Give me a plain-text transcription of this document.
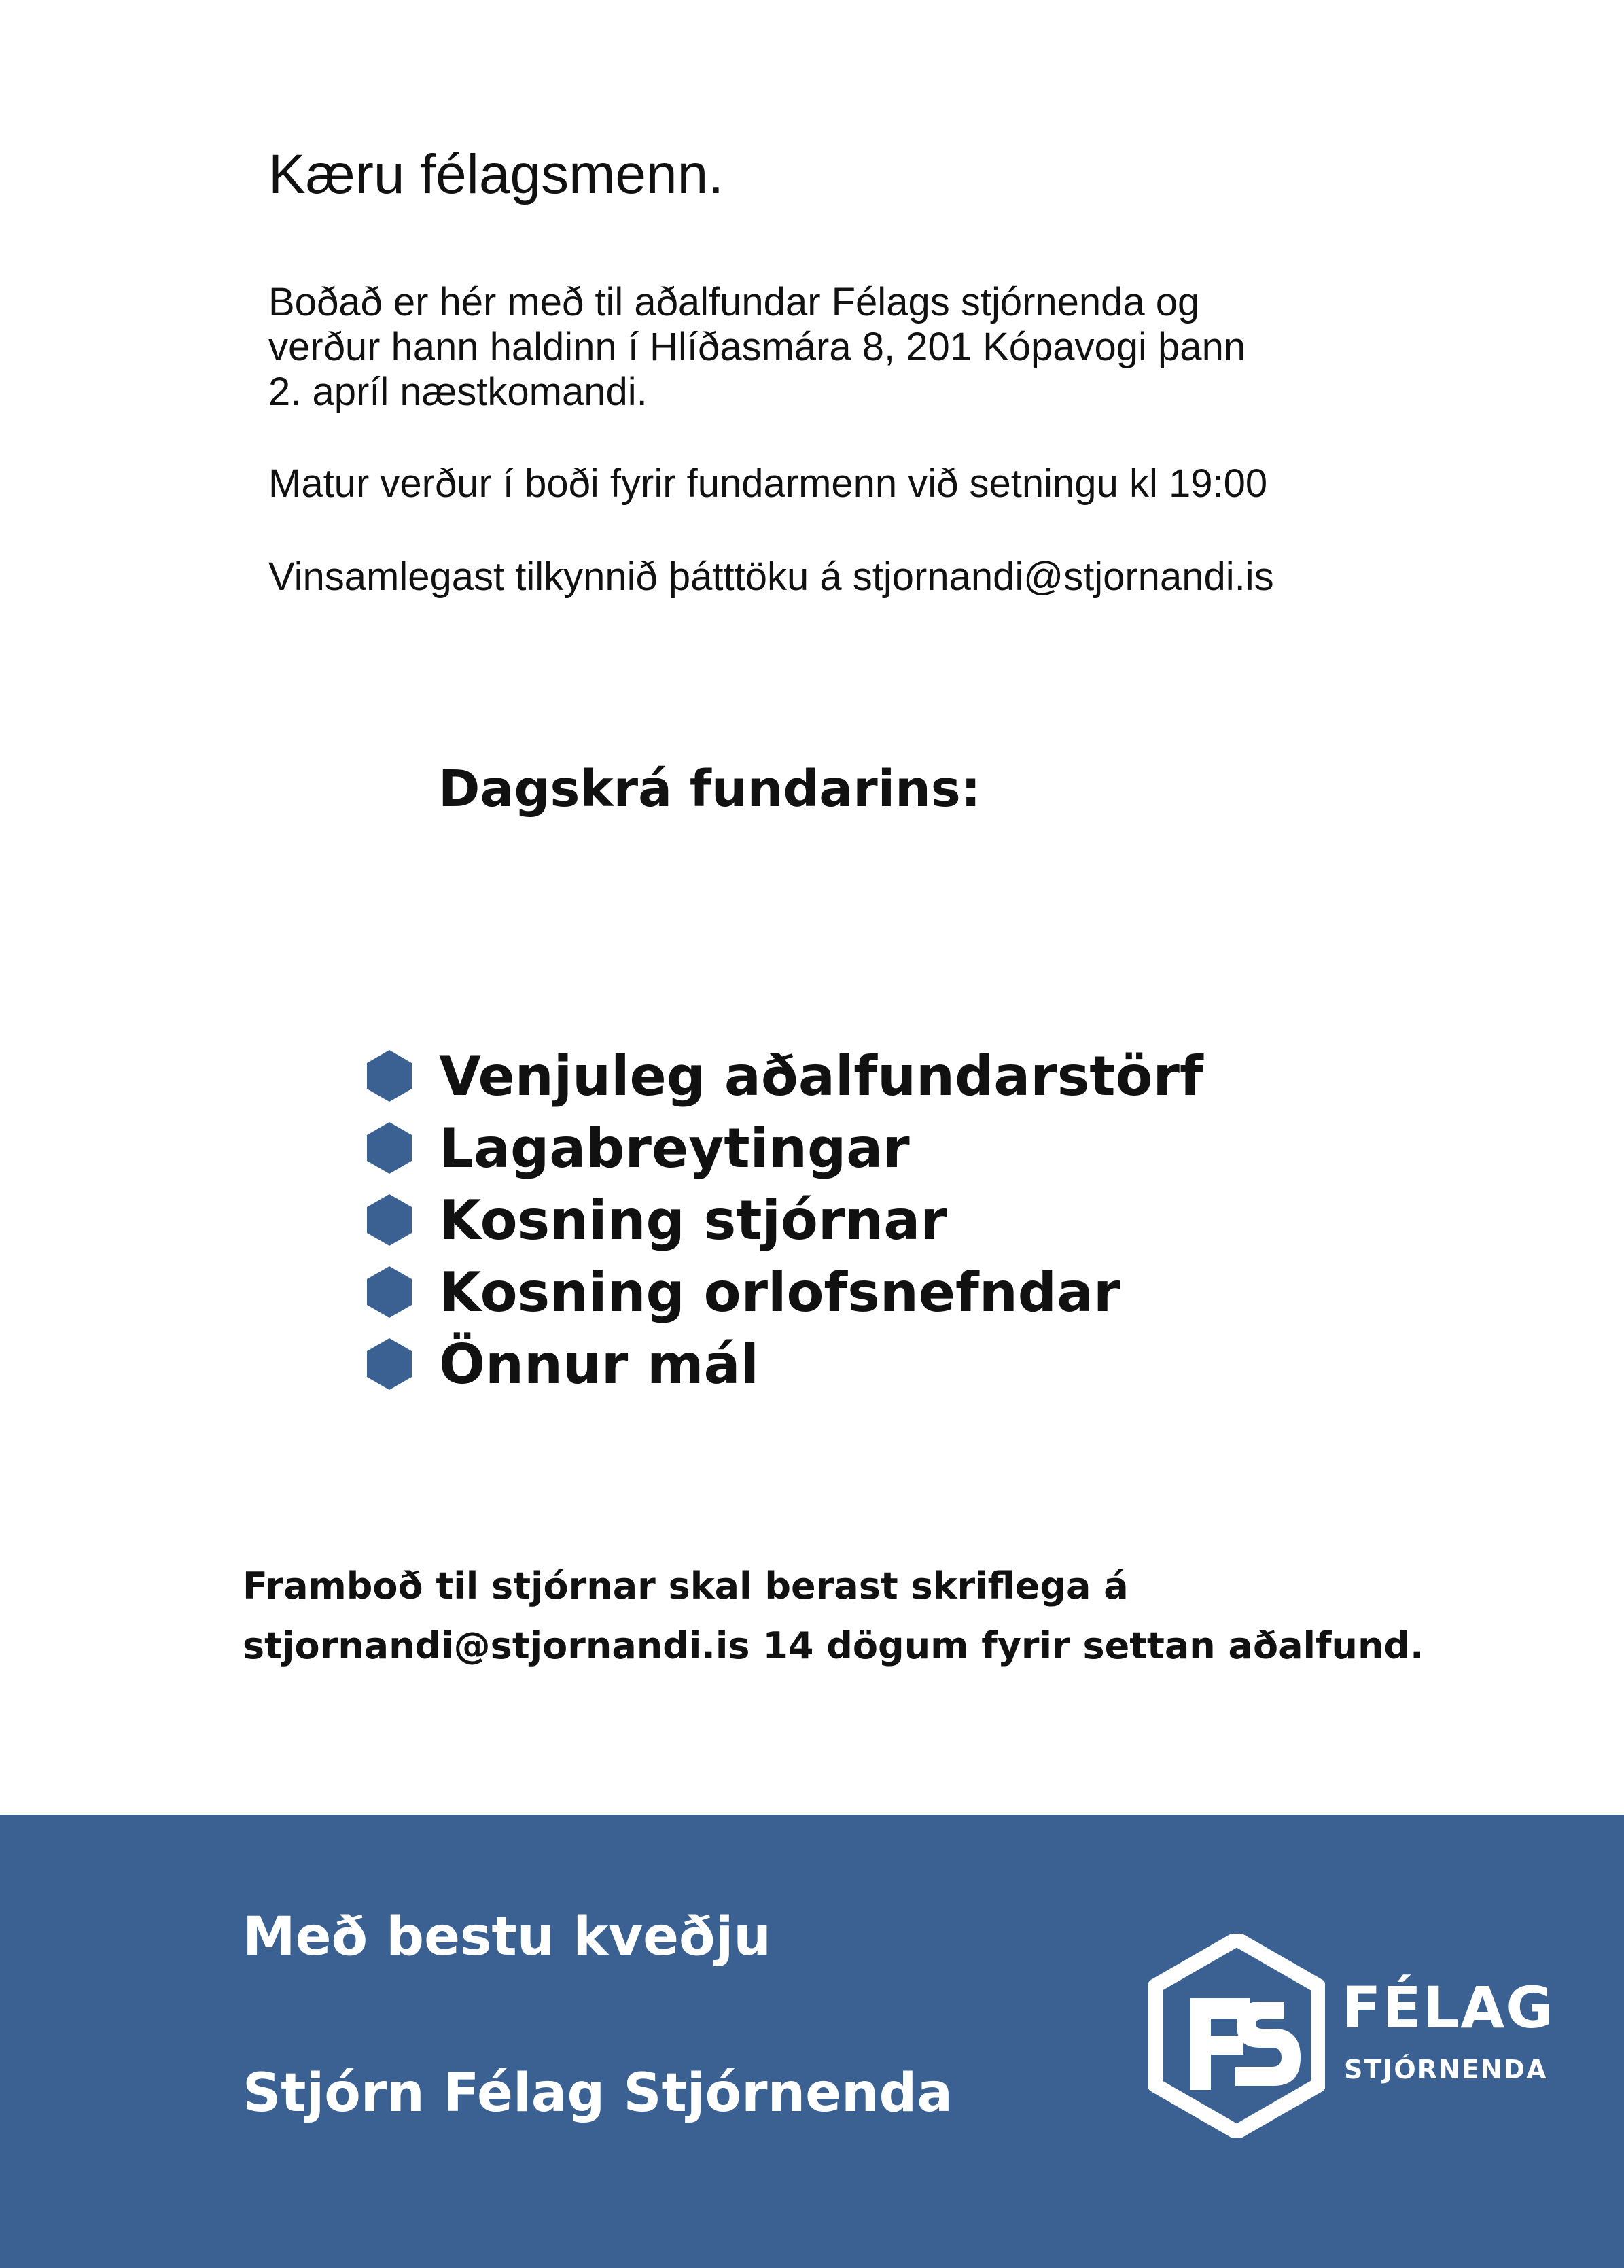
Kæru félagsmenn.
Boðað er hér með til aðalfundar Félags stjórnenda og
verður hann haldinn í Hlíðasmára 8, 201 Kópavogi þann
2. apríl næstkomandi.
Matur verður í boði fyrir fundarmenn við setningu kl 19:00
Vinsamlegast tilkynnið þátttöku á stjornandi@stjornandi.is
Dagskrá fundarins:
Venjuleg aðalfundarstörf
Lagabreytingar
Kosning stjórnar
Kosning orlofsnefndar
Önnur mál
Framboð til stjórnar skal berast skriflega á
stjornandi@stjornandi.is 14 dögum fyrir settan aðalfund.
Með bestu kveðju
Stjórn Félag Stjórnenda
FÉLAG
STJÓRNENDA
